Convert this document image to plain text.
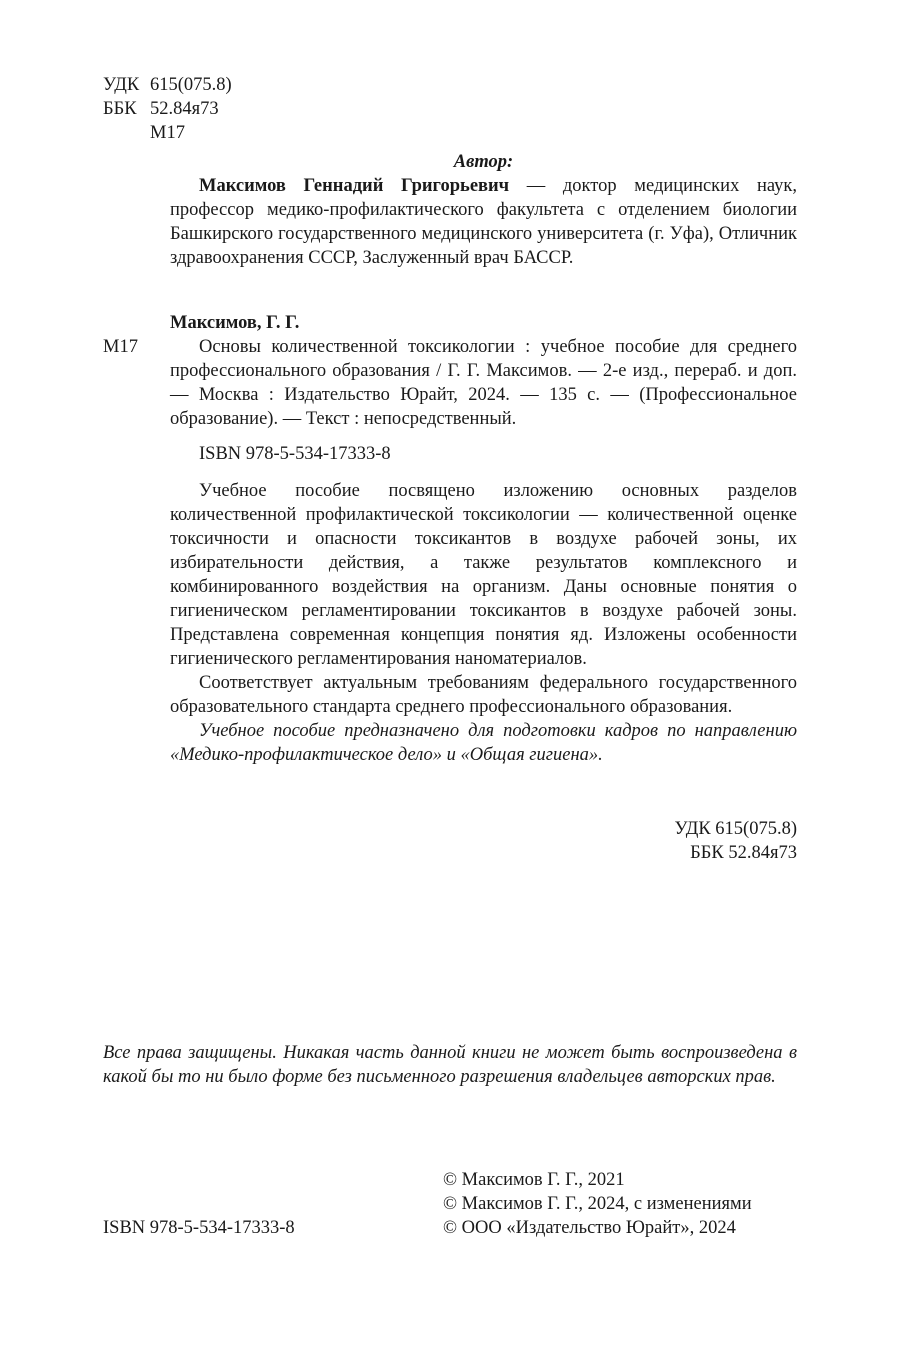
УДК 615(075.8)
ББК 52.84я73
М17
Автор:

Максимов Геннадий Григорьевич — доктор медицинских наук, профессор медико-профилактического факультета с отделением биологии Башкирского государственного медицинского университета (г. Уфа), Отличник здравоохранения СССР, Заслуженный врач БАССР.

Максимов, Г. Г.
М17	Основы количественной токсикологии : учебное пособие для среднего профессионального образования / Г. Г. Максимов. — 2-е изд., перераб. и доп. — Москва : Издательство Юрайт, 2024. — 135 с. — (Профессиональное образование). — Текст : непосредственный.

ISBN 978-5-534-17333-8

Учебное пособие посвящено изложению основных разделов количественной профилактической токсикологии — количественной оценке токсичности и опасности токсикантов в воздухе рабочей зоны, их избирательности действия, а также результатов комплексного и комбинированного воздействия на организм. Даны основные понятия о гигиеническом регламентировании токсикантов в воздухе рабочей зоны. Представлена современная концепция понятия яд. Изложены особенности гигиенического регламентирования наноматериалов.

Соответствует актуальным требованиям федерального государственного образовательного стандарта среднего профессионального образования.

Учебное пособие предназначено для подготовки кадров по направлению «Медико-профилактическое дело» и «Общая гигиена».

УДК 615(075.8)
ББК 52.84я73

Все права защищены. Никакая часть данной книги не может быть воспроизведена в какой бы то ни было форме без письменного разрешения владельцев авторских прав.

ISBN 978-5-534-17333-8
© Максимов Г. Г., 2021
© Максимов Г. Г., 2024, с изменениями
© ООО «Издательство Юрайт», 2024
